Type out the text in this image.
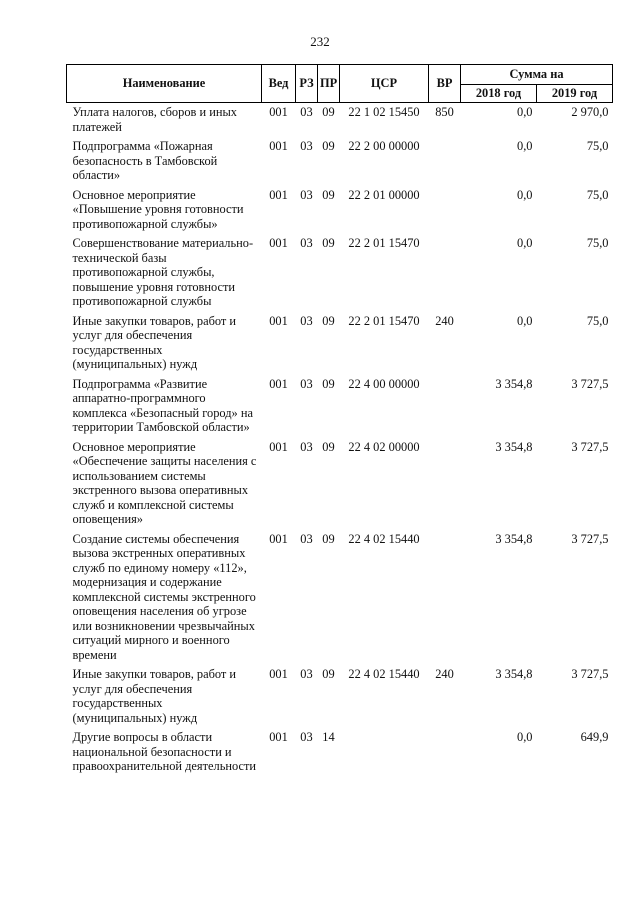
232
Наименование	Вед	РЗ	ПР	ЦСР	ВР	Сумма на	
						2018 год	2019 год
Уплата налогов, сборов и иных платежей	001	03	09	22 1 02 15450	850	0,0	2 970,0
Подпрограмма «Пожарная безопасность в Тамбовской области»	001	03	09	22 2 00 00000		0,0	75,0
Основное мероприятие «Повышение уровня готовности противопожарной службы»	001	03	09	22 2 01 00000		0,0	75,0
Совершенствование материально-технической базы противопожарной службы, повышение уровня готовности противопожарной службы	001	03	09	22 2 01 15470		0,0	75,0
Иные закупки товаров, работ и услуг для обеспечения государственных (муниципальных) нужд	001	03	09	22 2 01 15470	240	0,0	75,0
Подпрограмма «Развитие аппаратно-программного комплекса «Безопасный город» на территории Тамбовской области»	001	03	09	22 4 00 00000		3 354,8	3 727,5
Основное мероприятие «Обеспечение защиты населения с использованием системы экстренного вызова оперативных служб и комплексной системы оповещения»	001	03	09	22 4 02 00000		3 354,8	3 727,5
Создание системы обеспечения вызова экстренных оперативных служб по единому номеру «112», модернизация и содержание комплексной системы экстренного оповещения населения об угрозе или возникновении чрезвычайных ситуаций мирного и военного времени	001	03	09	22 4 02 15440		3 354,8	3 727,5
Иные закупки товаров, работ и услуг для обеспечения государственных (муниципальных) нужд	001	03	09	22 4 02 15440	240	3 354,8	3 727,5
Другие вопросы в области национальной безопасности и правоохранительной деятельности	001	03	14			0,0	649,9
